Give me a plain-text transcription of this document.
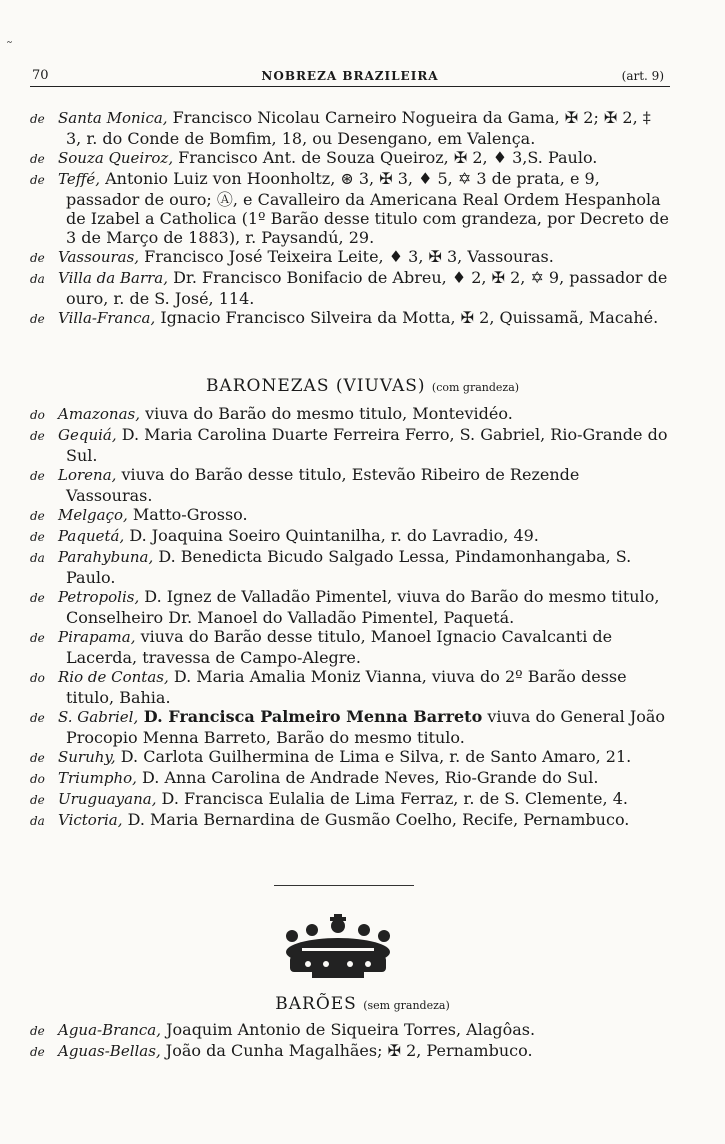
˜
70	NOBREZA BRAZILEIRA	(art. 9)

de Santa Monica, Francisco Nicolau Carneiro Nogueira da Gama, ✠ 2; ✠ 2, ‡ 3, r. do Conde de Bomfim, 18, ou Desengano, em Valença.

de Souza Queiroz, Francisco Ant. de Souza Queiroz, ✠ 2, ♦ 3,S. Paulo.

de Teffé, Antonio Luiz von Hoonholtz, ⊛ 3, ✠ 3, ♦ 5, ✡ 3 de prata, e 9, passador de ouro; Ⓐ, e Cavalleiro da Americana Real Ordem Hespanhola de Izabel a Catholica (1º Barão desse titulo com grandeza, por Decreto de 3 de Março de 1883), r. Paysandú, 29.

de Vassouras, Francisco José Teixeira Leite, ♦ 3, ✠ 3, Vassouras.

da Villa da Barra, Dr. Francisco Bonifacio de Abreu, ♦ 2, ✠ 2, ✡ 9, passador de ouro, r. de S. José, 114.

de Villa-Franca, Ignacio Francisco Silveira da Motta, ✠ 2, Quissamã, Macahé.

BARONEZAS (VIUVAS) (com grandeza)

do Amazonas, viuva do Barão do mesmo titulo, Montevidéo.

de Gequiá, D. Maria Carolina Duarte Ferreira Ferro, S. Gabriel, Rio-Grande do Sul.

de Lorena, viuva do Barão desse titulo, Estevão Ribeiro de Rezende Vassouras.

de Melgaço, Matto-Grosso.

de Paquetá, D. Joaquina Soeiro Quintanilha, r. do Lavradio, 49.

da Parahybuna, D. Benedicta Bicudo Salgado Lessa, Pindamonhangaba, S. Paulo.

de Petropolis, D. Ignez de Valladão Pimentel, viuva do Barão do mesmo titulo, Conselheiro Dr. Manoel do Valladão Pimentel, Paquetá.

de Pirapama, viuva do Barão desse titulo, Manoel Ignacio Cavalcanti de Lacerda, travessa de Campo-Alegre.

do Rio de Contas, D. Maria Amalia Moniz Vianna, viuva do 2º Barão desse titulo, Bahia.

de S. Gabriel, D. Francisca Palmeiro Menna Barreto viuva do General João Procopio Menna Barreto, Barão do mesmo titulo.

de Suruhy, D. Carlota Guilhermina de Lima e Silva, r. de Santo Amaro, 21.

do Triumpho, D. Anna Carolina de Andrade Neves, Rio-Grande do Sul.

de Uruguayana, D. Francisca Eulalia de Lima Ferraz, r. de S. Clemente, 4.

da Victoria, D. Maria Bernardina de Gusmão Coelho, Recife, Pernambuco.

BARÕES (sem grandeza)

de Agua-Branca, Joaquim Antonio de Siqueira Torres, Alagôas.

de Aguas-Bellas, João da Cunha Magalhães; ✠ 2, Pernambuco.
